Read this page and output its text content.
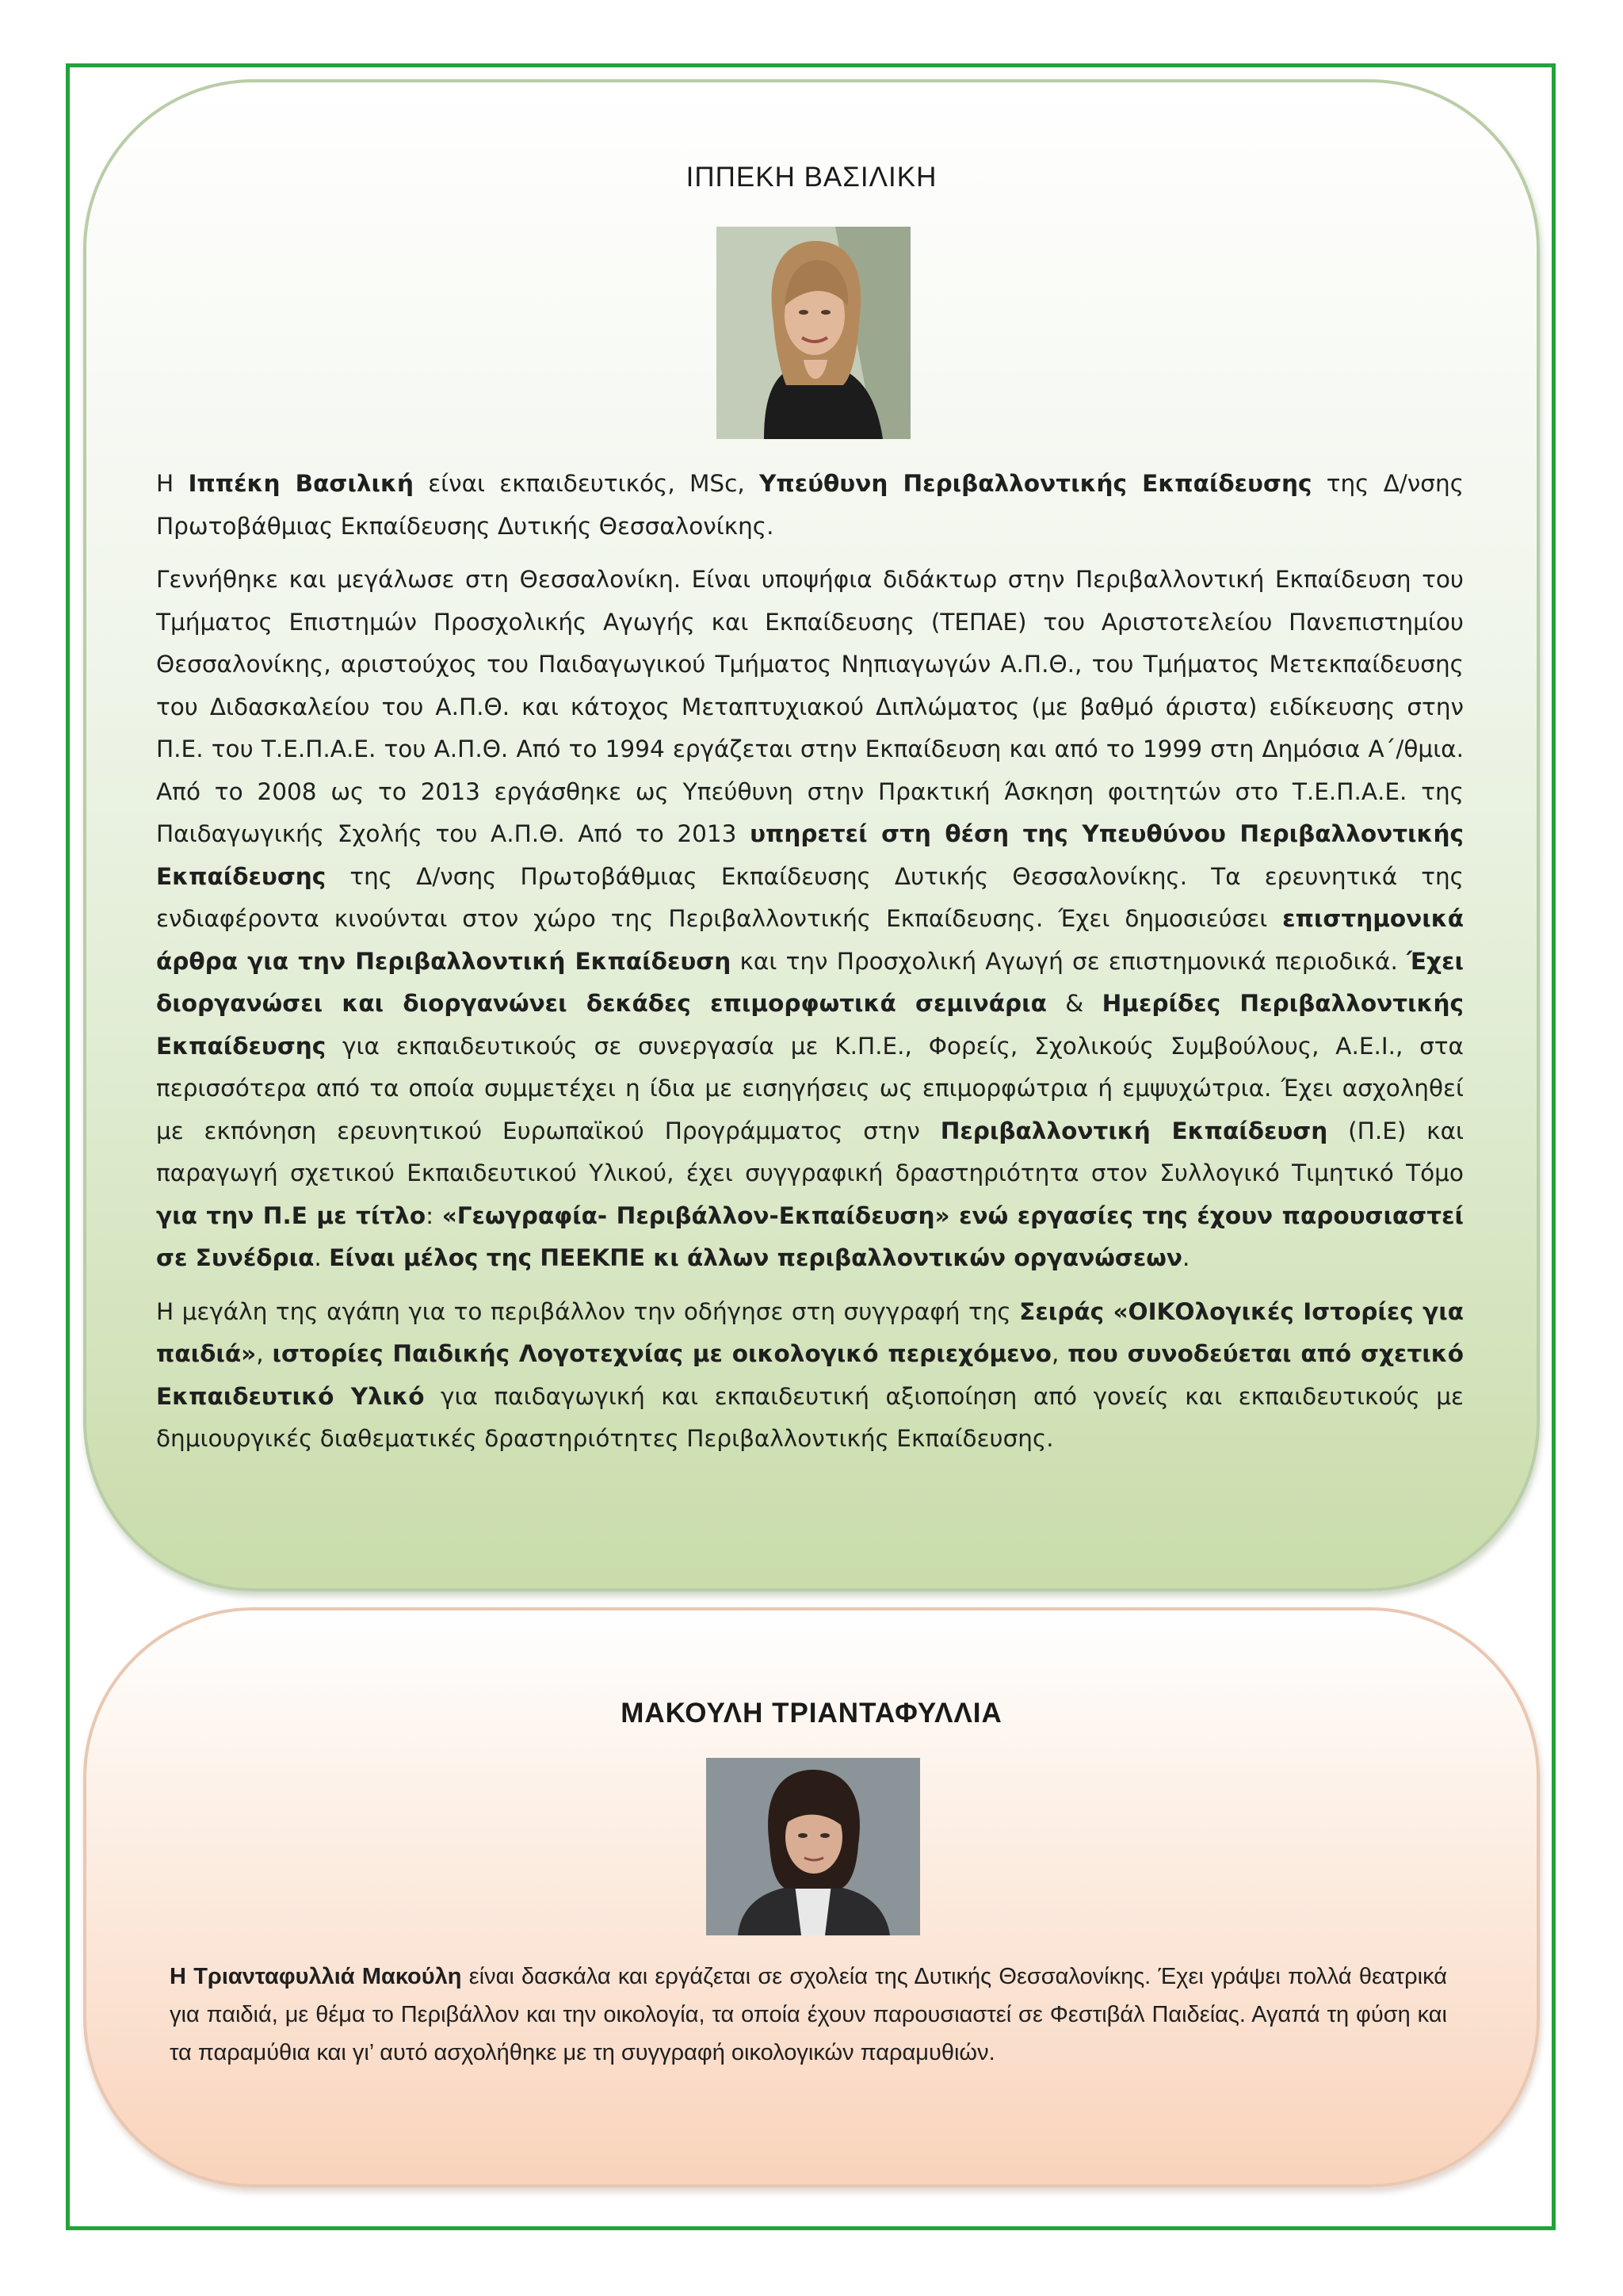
ΙΠΠΕΚΗ ΒΑΣΙΛΙΚΗ

Η Ιππέκη Βασιλική είναι εκπαιδευτικός, MSc, Υπεύθυνη Περιβαλλοντικής Εκπαίδευσης της Δ/νσης Πρωτοβάθμιας Εκπαίδευσης Δυτικής Θεσσαλονίκης.

Γεννήθηκε και μεγάλωσε στη Θεσσαλονίκη. Είναι υποψήφια διδάκτωρ στην Περιβαλλοντική Εκπαίδευση του Τμήματος Επιστημών Προσχολικής Αγωγής και Εκπαίδευσης (ΤΕΠΑΕ) του Αριστοτελείου Πανεπιστημίου Θεσσαλονίκης, αριστούχος του Παιδαγωγικού Τμήματος Νηπιαγωγών Α.Π.Θ., του Τμήματος Μετεκπαίδευσης του Διδασκαλείου του Α.Π.Θ. και κάτοχος Μεταπτυχιακού Διπλώματος (με βαθμό άριστα) ειδίκευσης στην Π.Ε. του Τ.Ε.Π.Α.Ε. του Α.Π.Θ. Από το 1994 εργάζεται στην Εκπαίδευση και από το 1999 στη Δημόσια Α΄/θμια. Από το 2008 ως το 2013 εργάσθηκε ως Υπεύθυνη στην Πρακτική Άσκηση φοιτητών στο Τ.Ε.Π.Α.Ε. της Παιδαγωγικής Σχολής του Α.Π.Θ. Από το 2013 υπηρετεί στη θέση της Υπευθύνου Περιβαλλοντικής Εκπαίδευσης της Δ/νσης Πρωτοβάθμιας Εκπαίδευσης Δυτικής Θεσσαλονίκης. Τα ερευνητικά της ενδιαφέροντα κινούνται στον χώρο της Περιβαλλοντικής Εκπαίδευσης. Έχει δημοσιεύσει επιστημονικά άρθρα για την Περιβαλλοντική Εκπαίδευση και την Προσχολική Αγωγή σε επιστημονικά περιοδικά. Έχει διοργανώσει και διοργανώνει δεκάδες επιμορφωτικά σεμινάρια & Ημερίδες Περιβαλλοντικής Εκπαίδευσης για εκπαιδευτικούς σε συνεργασία με Κ.Π.Ε., Φορείς, Σχολικούς Συμβούλους, Α.Ε.Ι., στα περισσότερα από τα οποία συμμετέχει η ίδια με εισηγήσεις ως επιμορφώτρια ή εμψυχώτρια. Έχει ασχοληθεί με εκπόνηση ερευνητικού Ευρωπαϊκού Προγράμματος στην Περιβαλλοντική Εκπαίδευση (Π.Ε) και παραγωγή σχετικού Εκπαιδευτικού Υλικού, έχει συγγραφική δραστηριότητα στον Συλλογικό Τιμητικό Τόμο για την Π.Ε με τίτλο: «Γεωγραφία- Περιβάλλον-Εκπαίδευση» ενώ εργασίες της έχουν παρουσιαστεί σε Συνέδρια. Είναι μέλος της ΠΕΕΚΠΕ κι άλλων περιβαλλοντικών οργανώσεων.

Η μεγάλη της αγάπη για το περιβάλλον την οδήγησε στη συγγραφή της Σειράς «ΟΙΚΟλογικές Ιστορίες για παιδιά», ιστορίες Παιδικής Λογοτεχνίας με οικολογικό περιεχόμενο, που συνοδεύεται από σχετικό Εκπαιδευτικό Υλικό για παιδαγωγική και εκπαιδευτική αξιοποίηση από γονείς και εκπαιδευτικούς με δημιουργικές διαθεματικές δραστηριότητες Περιβαλλοντικής Εκπαίδευσης.

ΜΑΚΟΥΛΗ ΤΡΙΑΝΤΑΦΥΛΛΙΑ

Η Τριανταφυλλιά Μακούλη είναι δασκάλα και εργάζεται σε σχολεία της Δυτικής Θεσσαλονίκης. Έχει γράψει πολλά θεατρικά για παιδιά, με θέμα το Περιβάλλον και την οικολογία, τα οποία έχουν παρουσιαστεί σε Φεστιβάλ Παιδείας. Αγαπά τη φύση και τα παραμύθια και γι’ αυτό ασχολήθηκε με τη συγγραφή οικολογικών παραμυθιών.
